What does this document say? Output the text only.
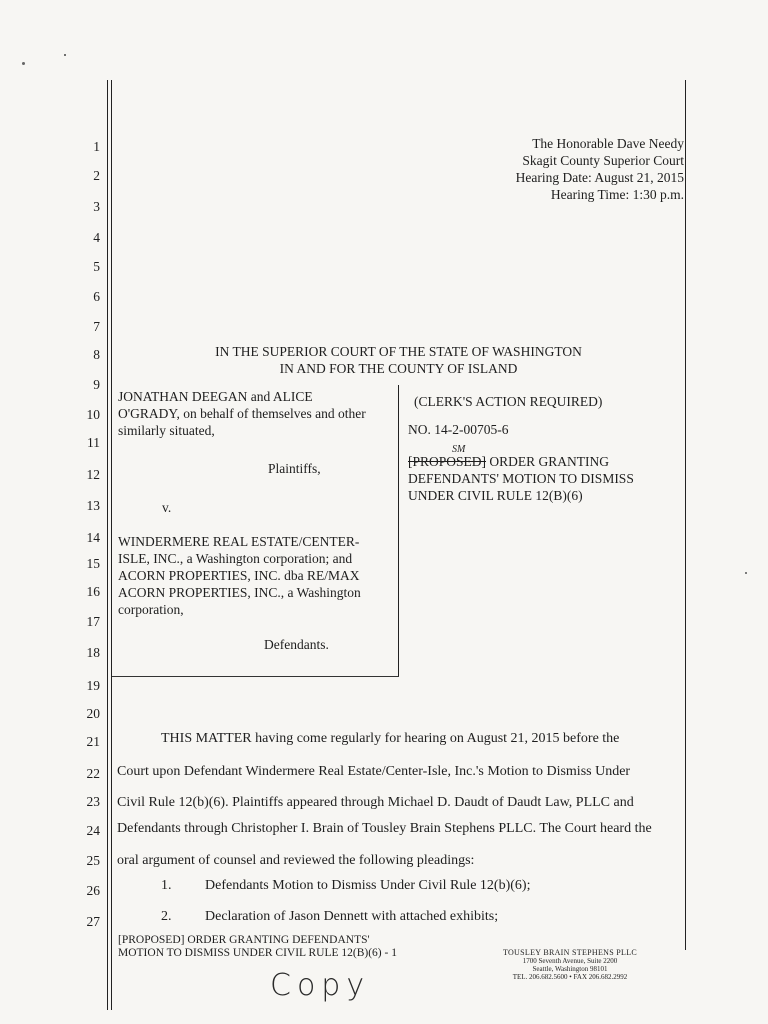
The Honorable Dave Needy
Skagit County Superior Court
Hearing Date: August 21, 2015
Hearing Time: 1:30 p.m.
1
2
3
4
5
6
7
8
9
10
11
12
13
14
15
16
17
18
19
20
21
22
23
24
25
26
27
IN THE SUPERIOR COURT OF THE STATE OF WASHINGTON
IN AND FOR THE COUNTY OF ISLAND
JONATHAN DEEGAN and ALICE
O'GRADY, on behalf of themselves and other
similarly situated,
Plaintiffs,
v.
WINDERMERE REAL ESTATE/CENTER-
ISLE, INC., a Washington corporation; and
ACORN PROPERTIES, INC. dba RE/MAX
ACORN PROPERTIES, INC., a Washington
corporation,
Defendants.
(CLERK'S ACTION REQUIRED)
NO. 14-2-00705-6
[PROPOSED] ORDER GRANTING
SM
DEFENDANTS' MOTION TO DISMISS
UNDER CIVIL RULE 12(B)(6)
THIS MATTER having come regularly for hearing on August 21, 2015 before the
Court upon Defendant Windermere Real Estate/Center-Isle, Inc.'s Motion to Dismiss Under
Civil Rule 12(b)(6). Plaintiffs appeared through Michael D. Daudt of Daudt Law, PLLC and
Defendants through Christopher I. Brain of Tousley Brain Stephens PLLC. The Court heard the
oral argument of counsel and reviewed the following pleadings:
1. Defendants Motion to Dismiss Under Civil Rule 12(b)(6);
2. Declaration of Jason Dennett with attached exhibits;
[PROPOSED] ORDER GRANTING DEFENDANTS'
MOTION TO DISMISS UNDER CIVIL RULE 12(B)(6) - 1	TOUSLEY BRAIN STEPHENS PLLC
1700 Seventh Avenue, Suite 2200
Seattle, Washington 98101
TEL. 206.682.5600 • FAX 206.682.2992
Copy
